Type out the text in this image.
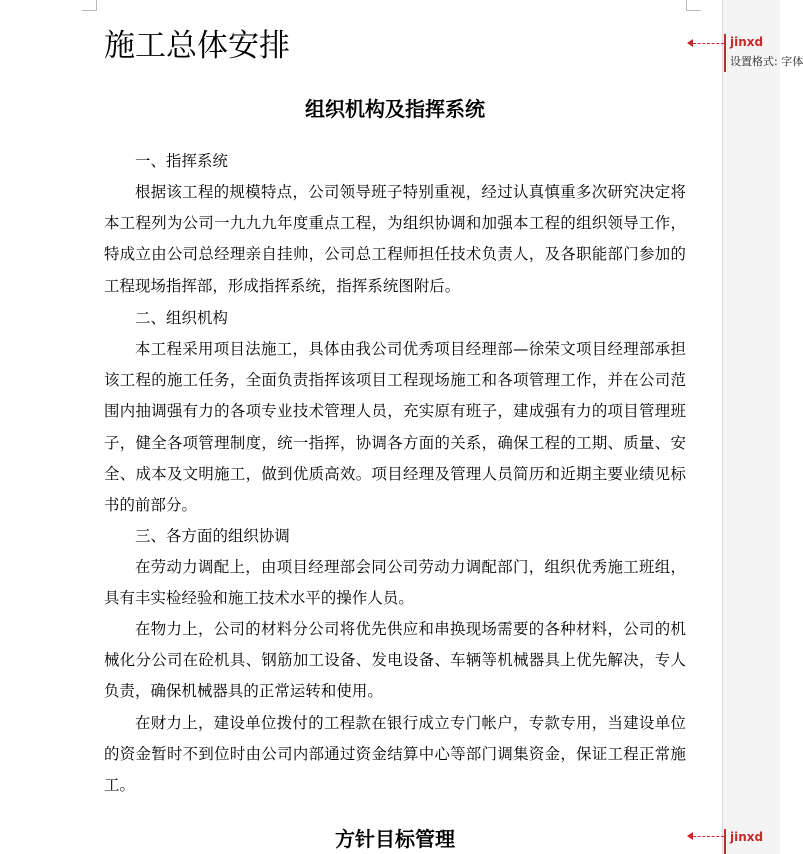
施工总体安排
组织机构及指挥系统
一、指挥系统
根据该工程的规模特点，公司领导班子特别重视，经过认真慎重多次研究决定将本工程列为公司一九九九年度重点工程，为组织协调和加强本工程的组织领导工作，特成立由公司总经理亲自挂帅，公司总工程师担任技术负责人，及各职能部门参加的工程现场指挥部，形成指挥系统，指挥系统图附后。
二、组织机构
本工程采用项目法施工，具体由我公司优秀项目经理部—徐荣文项目经理部承担该工程的施工任务，全面负责指挥该项目工程现场施工和各项管理工作，并在公司范围内抽调强有力的各项专业技术管理人员，充实原有班子，建成强有力的项目管理班子，健全各项管理制度，统一指挥，协调各方面的关系，确保工程的工期、质量、安全、成本及文明施工，做到优质高效。项目经理及管理人员简历和近期主要业绩见标书的前部分。
三、各方面的组织协调
在劳动力调配上，由项目经理部会同公司劳动力调配部门，组织优秀施工班组，具有丰实检经验和施工技术水平的操作人员。
在物力上，公司的材料分公司将优先供应和串换现场需要的各种材料，公司的机械化分公司在砼机具、钢筋加工设备、发电设备、车辆等机械器具上优先解决，专人负责，确保机械器具的正常运转和使用。
在财力上，建设单位拨付的工程款在银行成立专门帐户，专款专用，当建设单位的资金暂时不到位时由公司内部通过资金结算中心等部门调集资金，保证工程正常施工。
方针目标管理
jinxd
设置格式: 字体
jinxd
